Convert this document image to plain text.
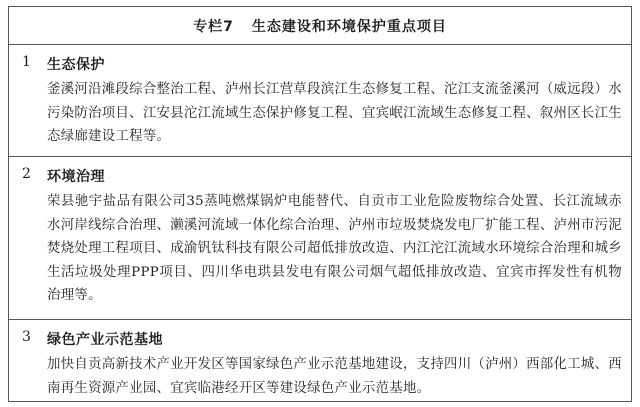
专栏7 生态建设和环境保护重点项目
1 生态保护
釜溪河沿滩段综合整治工程、泸州长江营草段滨江生态修复工程、沱江支流釜溪河（威远段）水污染防治项目、江安县沱江流域生态保护修复工程、宜宾岷江流域生态修复工程、叙州区长江生态绿廊建设工程等。
2 环境治理
荣县驰宇盐品有限公司35蒸吨燃煤锅炉电能替代、自贡市工业危险废物综合处置、长江流域赤水河岸线综合治理、濑溪河流域一体化综合治理、泸州市垃圾焚烧发电厂扩能工程、泸州市污泥焚烧处理工程项目、成渝钒钛科技有限公司超低排放改造、内江沱江流域水环境综合治理和城乡生活垃圾处理PPP项目、四川华电珙县发电有限公司烟气超低排放改造、宜宾市挥发性有机物治理等。
3 绿色产业示范基地
加快自贡高新技术产业开发区等国家绿色产业示范基地建设，支持四川（泸州）西部化工城、西南再生资源产业园、宜宾临港经开区等建设绿色产业示范基地。
